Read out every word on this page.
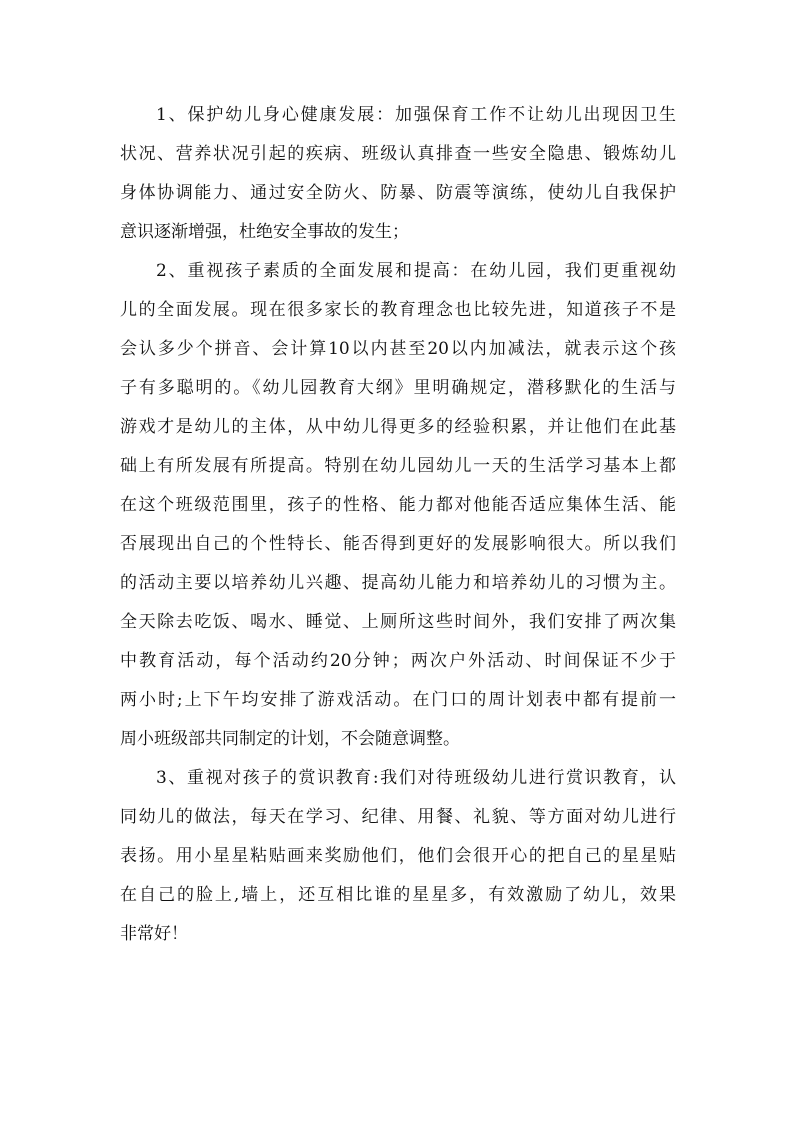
1、保护幼儿身心健康发展：加强保育工作不让幼儿出现因卫生
状况、营养状况引起的疾病、班级认真排查一些安全隐患、锻炼幼儿
身体协调能力、通过安全防火、防暴、防震等演练，使幼儿自我保护
意识逐渐增强，杜绝安全事故的发生；
2、重视孩子素质的全面发展和提高：在幼儿园，我们更重视幼
儿的全面发展。现在很多家长的教育理念也比较先进，知道孩子不是
会认多少个拼音、会计算10以内甚至20以内加减法，就表示这个孩
子有多聪明的。《幼儿园教育大纲》里明确规定，潜移默化的生活与
游戏才是幼儿的主体，从中幼儿得更多的经验积累，并让他们在此基
础上有所发展有所提高。特别在幼儿园幼儿一天的生活学习基本上都
在这个班级范围里，孩子的性格、能力都对他能否适应集体生活、能
否展现出自己的个性特长、能否得到更好的发展影响很大。所以我们
的活动主要以培养幼儿兴趣、提高幼儿能力和培养幼儿的习惯为主。
全天除去吃饭、喝水、睡觉、上厕所这些时间外，我们安排了两次集
中教育活动，每个活动约20分钟；两次户外活动、时间保证不少于
两小时;上下午均安排了游戏活动。在门口的周计划表中都有提前一
周小班级部共同制定的计划，不会随意调整。
3、重视对孩子的赏识教育:我们对待班级幼儿进行赏识教育，认
同幼儿的做法，每天在学习、纪律、用餐、礼貌、等方面对幼儿进行
表扬。用小星星粘贴画来奖励他们，他们会很开心的把自己的星星贴
在自己的脸上,墙上，还互相比谁的星星多，有效激励了幼儿，效果
非常好！
